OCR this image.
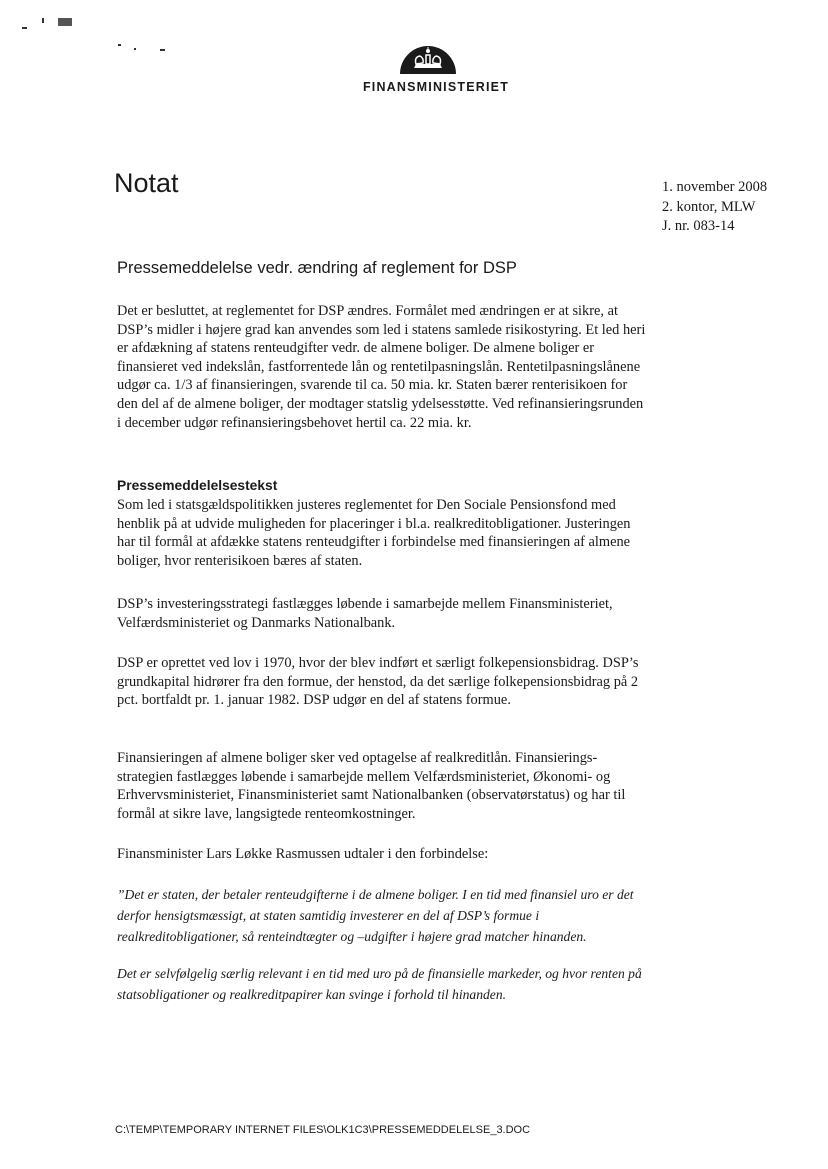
FINANSMINISTERIET
Notat	1. november 2008
2. kontor, MLW
J. nr. 083-14
Pressemeddelelse vedr. ændring af reglement for DSP

Det er besluttet, at reglementet for DSP ændres. Formålet med ændringen er at sikre, at DSP’s midler i højere grad kan anvendes som led i statens samlede risikostyring. Et led heri er afdækning af statens renteudgifter vedr. de almene boliger. De almene boliger er finansieret ved indekslån, fastforrentede lån og rentetilpasningslån. Rentetilpasningslånene udgør ca. 1/3 af finansieringen, svarende til ca. 50 mia. kr. Staten bærer renterisikoen for den del af de almene boliger, der modtager statslig ydelsesstøtte. Ved refinansieringsrunden i december udgør refinansieringsbehovet hertil ca. 22 mia. kr.

Pressemeddelelsestekst

Som led i statsgældspolitikken justeres reglementet for Den Sociale Pensionsfond med henblik på at udvide muligheden for placeringer i bl.a. realkreditobligationer. Justeringen har til formål at afdække statens renteudgifter i forbindelse med finansieringen af almene boliger, hvor renterisikoen bæres af staten.

DSP’s investeringsstrategi fastlægges løbende i samarbejde mellem Finansministeriet, Velfærdsministeriet og Danmarks Nationalbank.

DSP er oprettet ved lov i 1970, hvor der blev indført et særligt folkepensionsbidrag. DSP’s grundkapital hidrører fra den formue, der henstod, da det særlige folkepensionsbidrag på 2 pct. bortfaldt pr. 1. januar 1982. DSP udgør en del af statens formue.

Finansieringen af almene boliger sker ved optagelse af realkreditlån. Finansieringsstrategien fastlægges løbende i samarbejde mellem Velfærdsministeriet, Økonomi- og Erhvervsministeriet, Finansministeriet samt Nationalbanken (observatørstatus) og har til formål at sikre lave, langsigtede renteomkostninger.

Finansminister Lars Løkke Rasmussen udtaler i den forbindelse:

”Det er staten, der betaler renteudgifterne i de almene boliger. I en tid med finansiel uro er det derfor hensigtsmæssigt, at staten samtidig investerer en del af DSP’s formue i realkreditobligationer, så renteindtægter og –udgifter i højere grad matcher hinanden.

Det er selvfølgelig særlig relevant i en tid med uro på de finansielle markeder, og hvor renten på statsobligationer og realkreditpapirer kan svinge i forhold til hinanden.

C:\TEMP\TEMPORARY INTERNET FILES\OLK1C3\PRESSEMEDDELELSE_3.DOC
